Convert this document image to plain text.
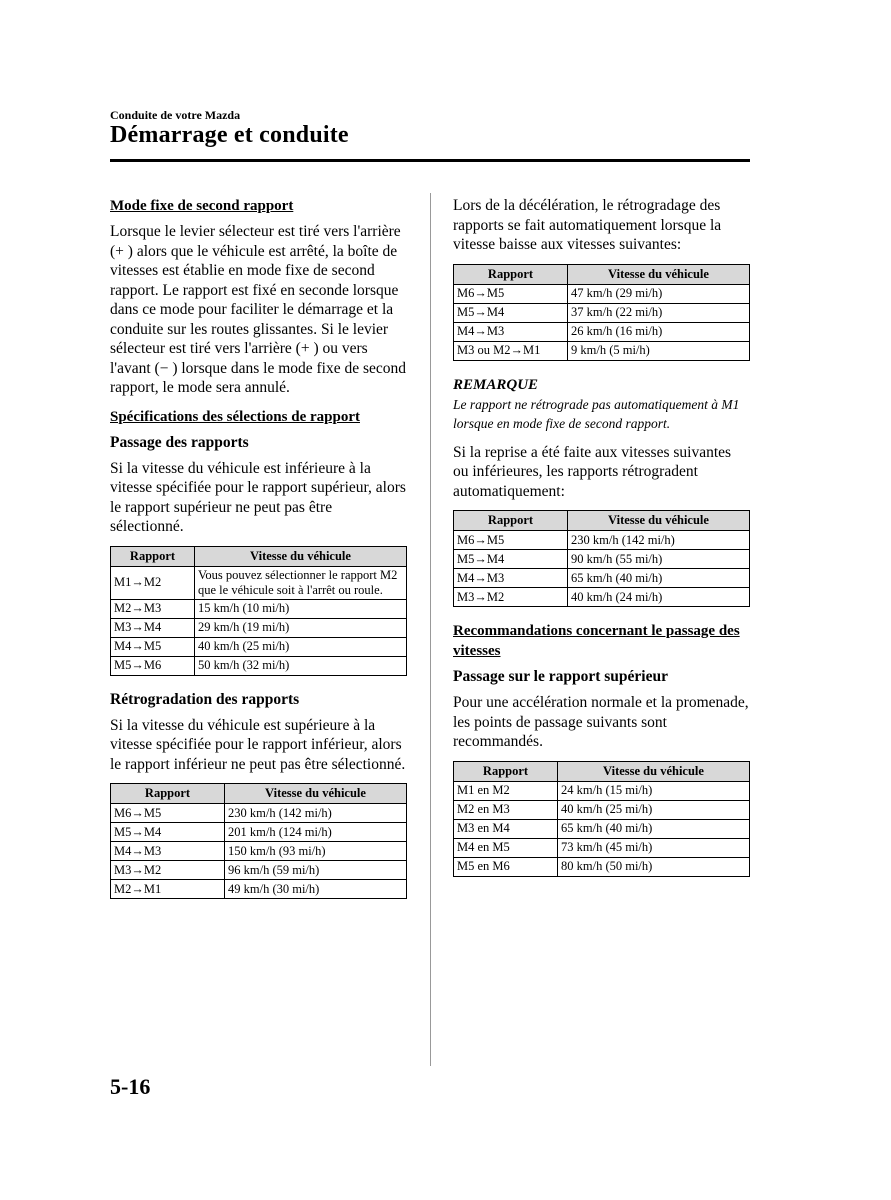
Conduite de votre Mazda
Démarrage et conduite
Mode fixe de second rapport
Lorsque le levier sélecteur est tiré vers l'arrière (+ ) alors que le véhicule est arrêté, la boîte de vitesses est établie en mode fixe de second rapport. Le rapport est fixé en seconde lorsque dans ce mode pour faciliter le démarrage et la conduite sur les routes glissantes. Si le levier sélecteur est tiré vers l'arrière (+ ) ou vers l'avant (− ) lorsque dans le mode fixe de second rapport, le mode sera annulé.
Spécifications des sélections de rapport
Passage des rapports
Si la vitesse du véhicule est inférieure à la vitesse spécifiée pour le rapport supérieur, alors le rapport supérieur ne peut pas être sélectionné.
Rapport	Vitesse du véhicule
M1→M2	Vous pouvez sélectionner le rapport M2 que le véhicule soit à l'arrêt ou roule.
M2→M3	15 km/h (10 mi/h)
M3→M4	29 km/h (19 mi/h)
M4→M5	40 km/h (25 mi/h)
M5→M6	50 km/h (32 mi/h)
Rétrogradation des rapports
Si la vitesse du véhicule est supérieure à la vitesse spécifiée pour le rapport inférieur, alors le rapport inférieur ne peut pas être sélectionné.
Rapport	Vitesse du véhicule
M6→M5	230 km/h (142 mi/h)
M5→M4	201 km/h (124 mi/h)
M4→M3	150 km/h (93 mi/h)
M3→M2	96 km/h (59 mi/h)
M2→M1	49 km/h (30 mi/h)
Lors de la décélération, le rétrogradage des rapports se fait automatiquement lorsque la vitesse baisse aux vitesses suivantes:
Rapport	Vitesse du véhicule
M6→M5	47 km/h (29 mi/h)
M5→M4	37 km/h (22 mi/h)
M4→M3	26 km/h (16 mi/h)
M3 ou M2→M1	9 km/h (5 mi/h)
REMARQUE
Le rapport ne rétrograde pas automatiquement à M1 lorsque en mode fixe de second rapport.
Si la reprise a été faite aux vitesses suivantes ou inférieures, les rapports rétrogradent automatiquement:
Rapport	Vitesse du véhicule
M6→M5	230 km/h (142 mi/h)
M5→M4	90 km/h (55 mi/h)
M4→M3	65 km/h (40 mi/h)
M3→M2	40 km/h (24 mi/h)
Recommandations concernant le passage des vitesses
Passage sur le rapport supérieur
Pour une accélération normale et la promenade, les points de passage suivants sont recommandés.
Rapport	Vitesse du véhicule
M1 en M2	24 km/h (15 mi/h)
M2 en M3	40 km/h (25 mi/h)
M3 en M4	65 km/h (40 mi/h)
M4 en M5	73 km/h (45 mi/h)
M5 en M6	80 km/h (50 mi/h)
5-16
